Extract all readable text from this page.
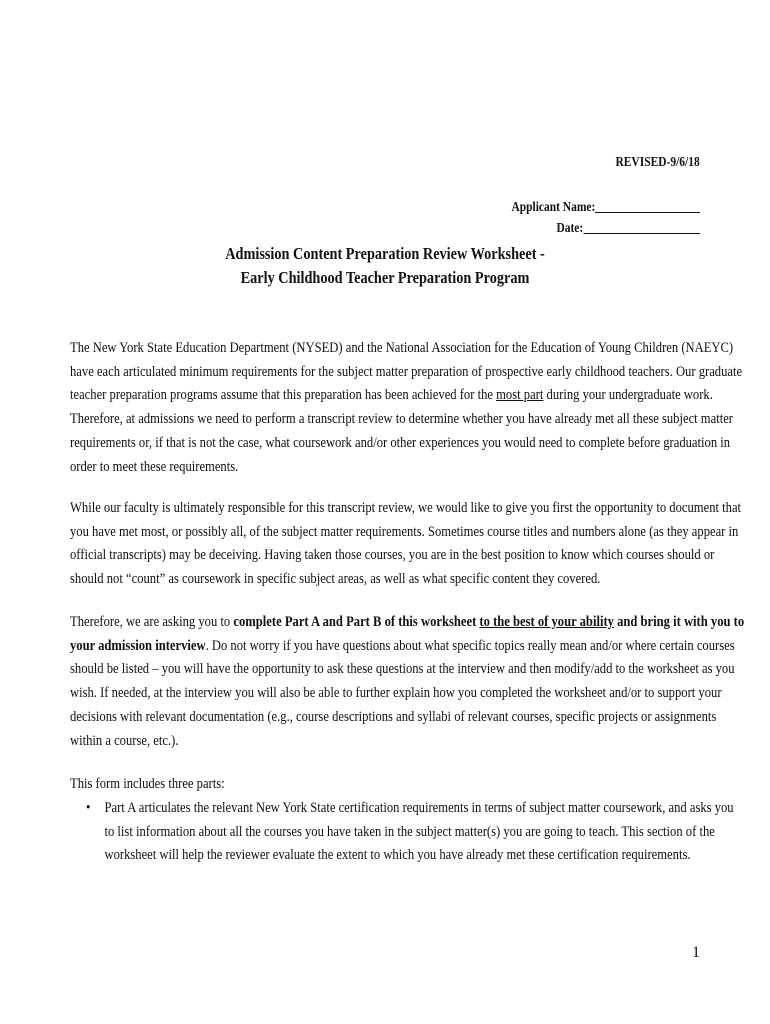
REVISED-9/6/18
Applicant Name:
Date:
Admission Content Preparation Review Worksheet -
Early Childhood Teacher Preparation Program
The New York State Education Department (NYSED) and the National Association for the Education of Young Children (NAEYC)
have each articulated minimum requirements for the subject matter preparation of prospective early childhood teachers. Our graduate
teacher preparation programs assume that this preparation has been achieved for the most part during your undergraduate work.
Therefore, at admissions we need to perform a transcript review to determine whether you have already met all these subject matter
requirements or, if that is not the case, what coursework and/or other experiences you would need to complete before graduation in
order to meet these requirements.
While our faculty is ultimately responsible for this transcript review, we would like to give you first the opportunity to document that
you have met most, or possibly all, of the subject matter requirements. Sometimes course titles and numbers alone (as they appear in
official transcripts) may be deceiving. Having taken those courses, you are in the best position to know which courses should or
should not “count” as coursework in specific subject areas, as well as what specific content they covered.
Therefore, we are asking you to complete Part A and Part B of this worksheet to the best of your ability and bring it with you to
your admission interview. Do not worry if you have questions about what specific topics really mean and/or where certain courses
should be listed – you will have the opportunity to ask these questions at the interview and then modify/add to the worksheet as you
wish. If needed, at the interview you will also be able to further explain how you completed the worksheet and/or to support your
decisions with relevant documentation (e.g., course descriptions and syllabi of relevant courses, specific projects or assignments
within a course, etc.).
This form includes three parts:
• Part A articulates the relevant New York State certification requirements in terms of subject matter coursework, and asks you
to list information about all the courses you have taken in the subject matter(s) you are going to teach. This section of the
worksheet will help the reviewer evaluate the extent to which you have already met these certification requirements.
1
